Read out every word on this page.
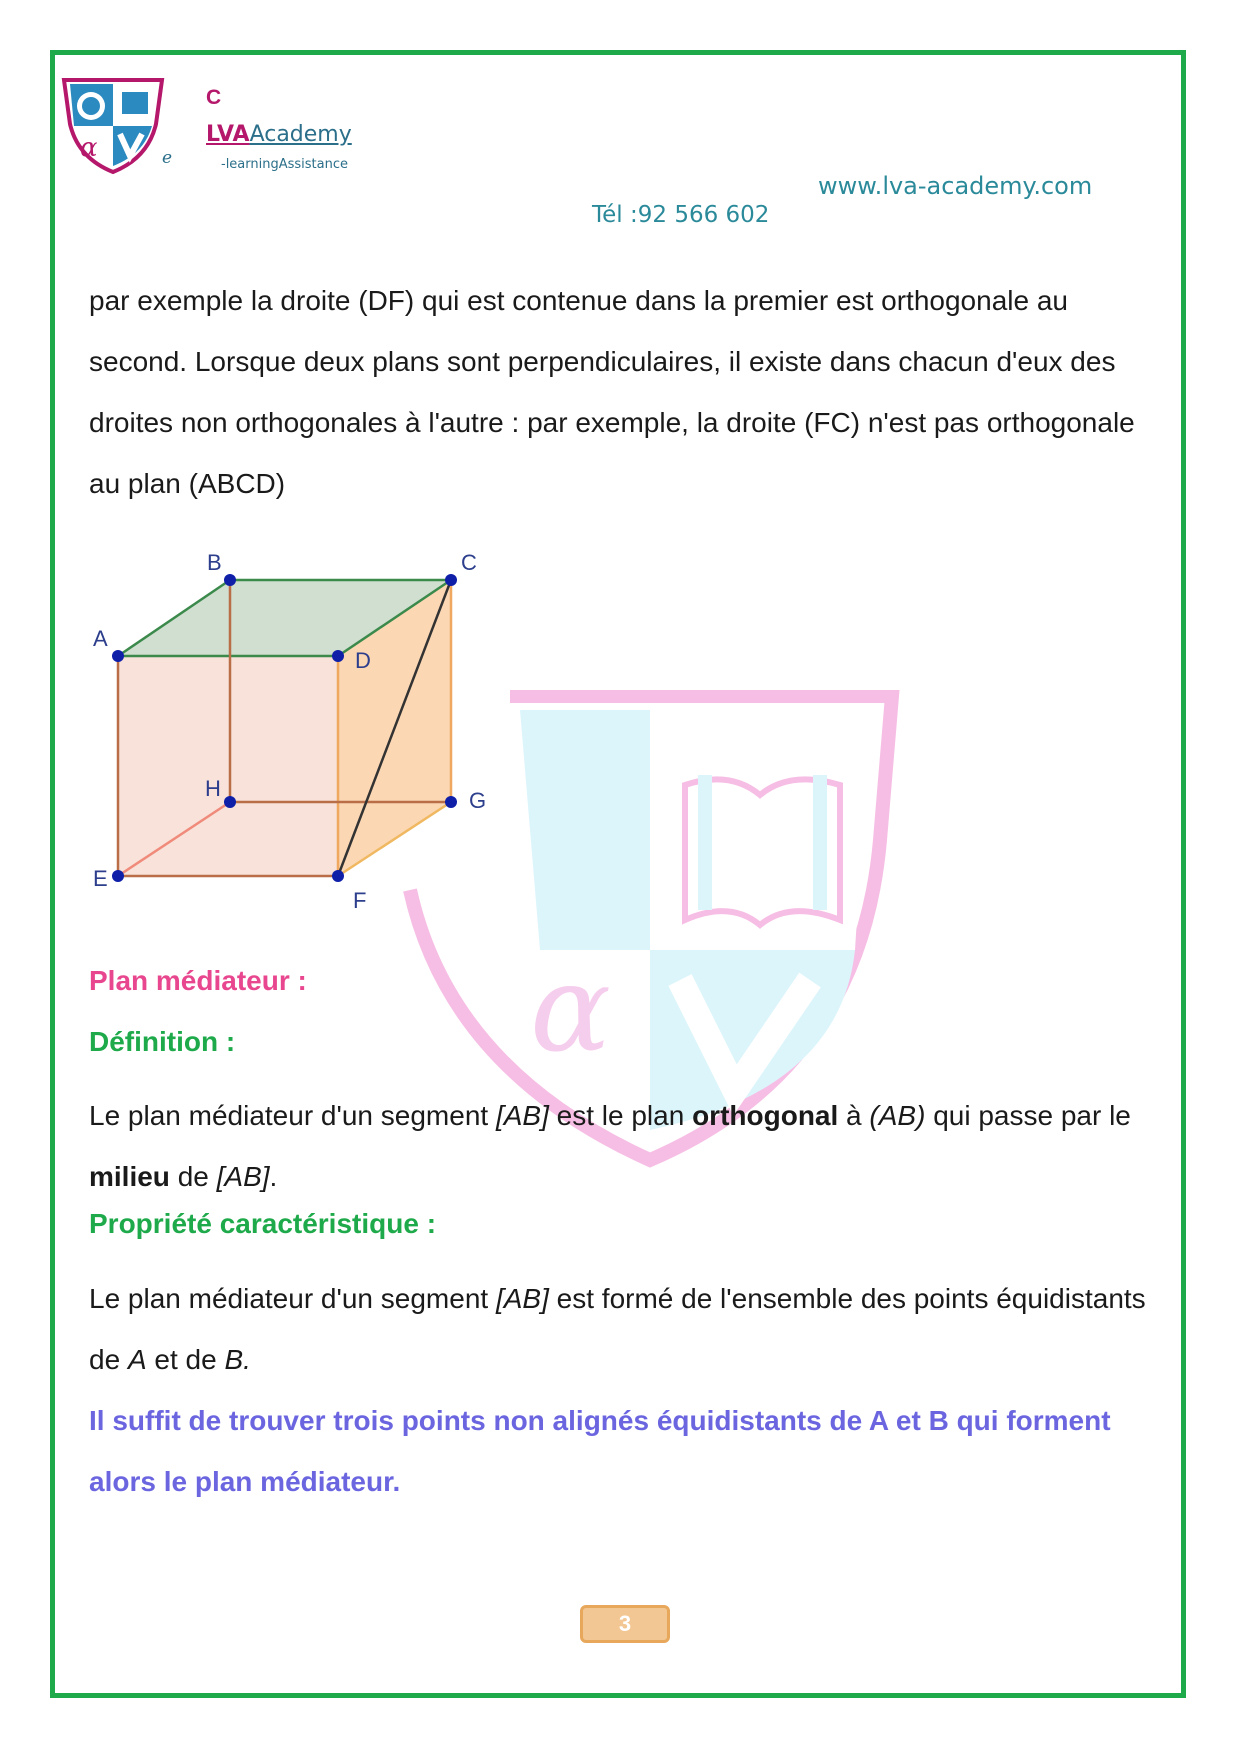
α
C
LVAAcademy
-learningAssistance
e
www.lva-academy.com
Tél :92 566 602
α
par exemple la droite (DF) qui est contenue dans la premier est orthogonale au second. Lorsque deux plans sont perpendiculaires, il existe dans chacun d'eux des droites non orthogonales à l'autre : par exemple, la droite (FC) n'est pas orthogonale au plan (ABCD)
A
B	C
D
E
F
G
H
Plan médiateur :
Définition :
Le plan médiateur d'un segment [AB] est le plan orthogonal à (AB) qui passe par le milieu de [AB].
Propriété caractéristique :
Le plan médiateur d'un segment [AB] est formé de l'ensemble des points équidistants de A et de B.
Il suffit de trouver trois points non alignés équidistants de A et B qui forment alors le plan médiateur.
3
